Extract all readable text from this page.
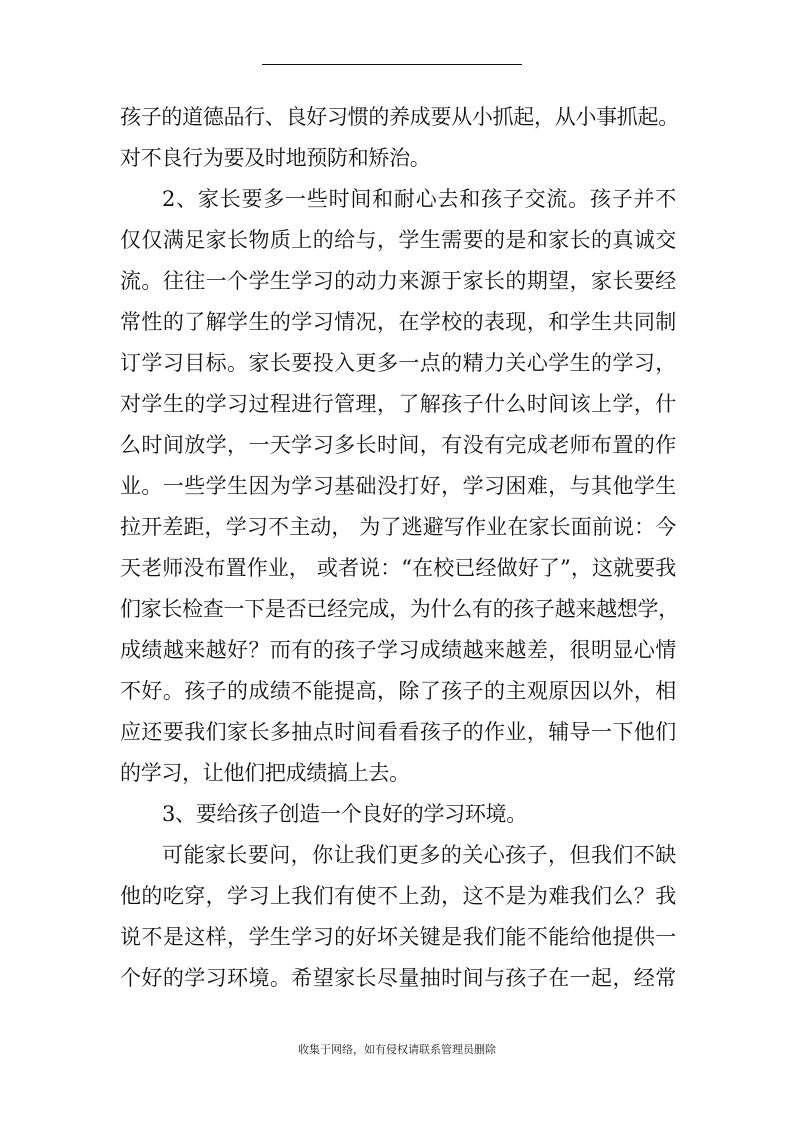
孩子的道德品行、良好习惯的养成要从小抓起，从小事抓起。
对不良行为要及时地预防和矫治。
2、家长要多一些时间和耐心去和孩子交流。孩子并不
仅仅满足家长物质上的给与，学生需要的是和家长的真诚交
流。往往一个学生学习的动力来源于家长的期望，家长要经
常性的了解学生的学习情况，在学校的表现，和学生共同制
订学习目标。家长要投入更多一点的精力关心学生的学习，
对学生的学习过程进行管理，了解孩子什么时间该上学，什
么时间放学，一天学习多长时间，有没有完成老师布置的作
业。一些学生因为学习基础没打好，学习困难，与其他学生
拉开差距，学习不主动， 为了逃避写作业在家长面前说：今
天老师没布置作业， 或者说：“在校已经做好了”，这就要我
们家长检查一下是否已经完成，为什么有的孩子越来越想学，
成绩越来越好？而有的孩子学习成绩越来越差，很明显心情
不好。孩子的成绩不能提高，除了孩子的主观原因以外，相
应还要我们家长多抽点时间看看孩子的作业，辅导一下他们
的学习，让他们把成绩搞上去。
3、要给孩子创造一个良好的学习环境。
可能家长要问，你让我们更多的关心孩子，但我们不缺
他的吃穿，学习上我们有使不上劲，这不是为难我们么？我
说不是这样，学生学习的好坏关键是我们能不能给他提供一
个好的学习环境。希望家长尽量抽时间与孩子在一起，经常
收集于网络，如有侵权请联系管理员删除
